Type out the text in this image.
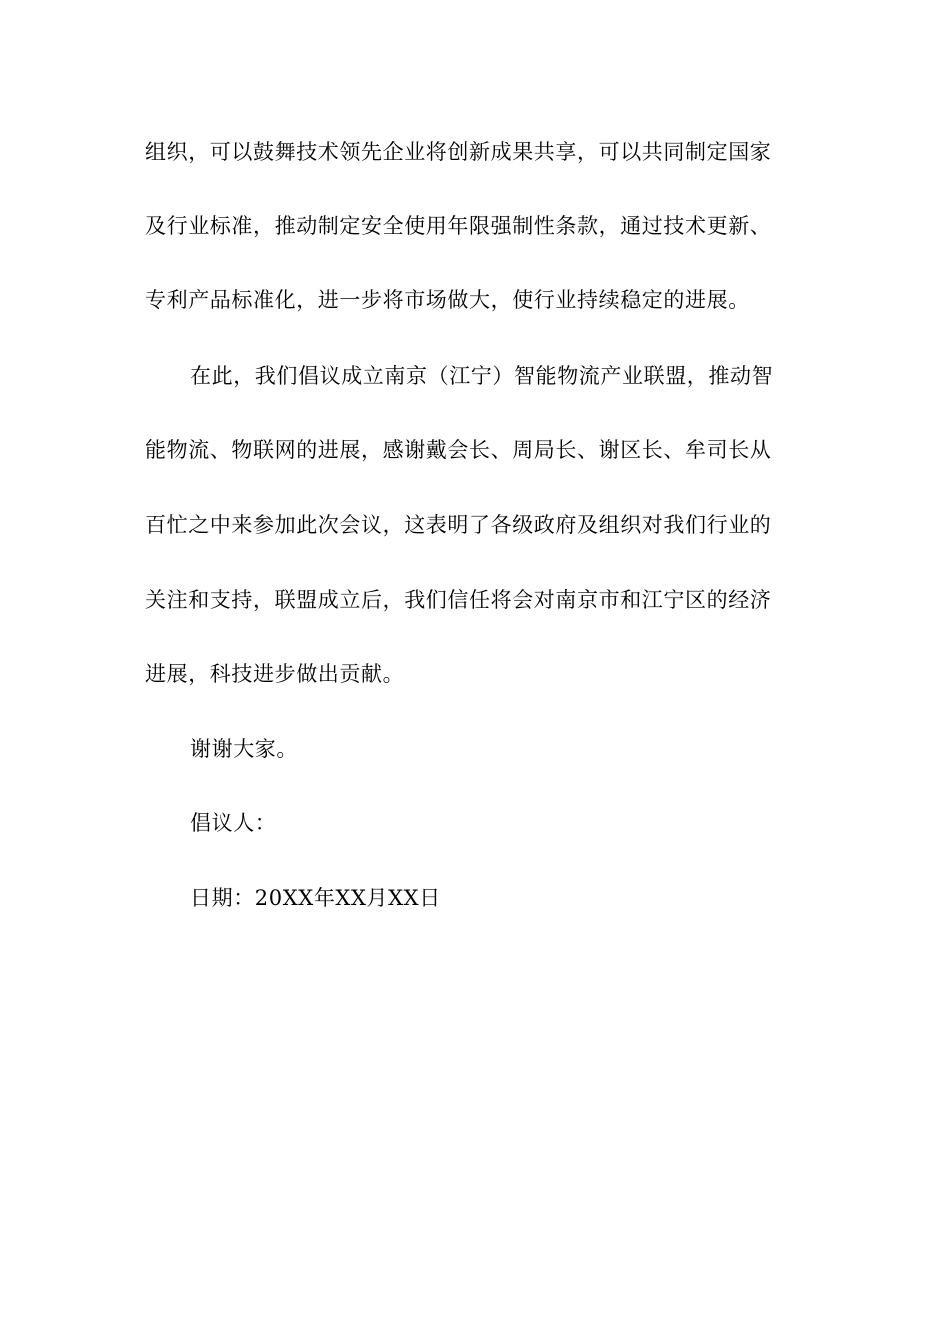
组织，可以鼓舞技术领先企业将创新成果共享，可以共同制定国家
及行业标准，推动制定安全使用年限强制性条款，通过技术更新、
专利产品标准化，进一步将市场做大，使行业持续稳定的进展。
在此，我们倡议成立南京（江宁）智能物流产业联盟，推动智
能物流、物联网的进展，感谢戴会长、周局长、谢区长、牟司长从
百忙之中来参加此次会议，这表明了各级政府及组织对我们行业的
关注和支持，联盟成立后，我们信任将会对南京市和江宁区的经济
进展，科技进步做出贡献。
谢谢大家。
倡议人：
日期：20XX年XX月XX日
